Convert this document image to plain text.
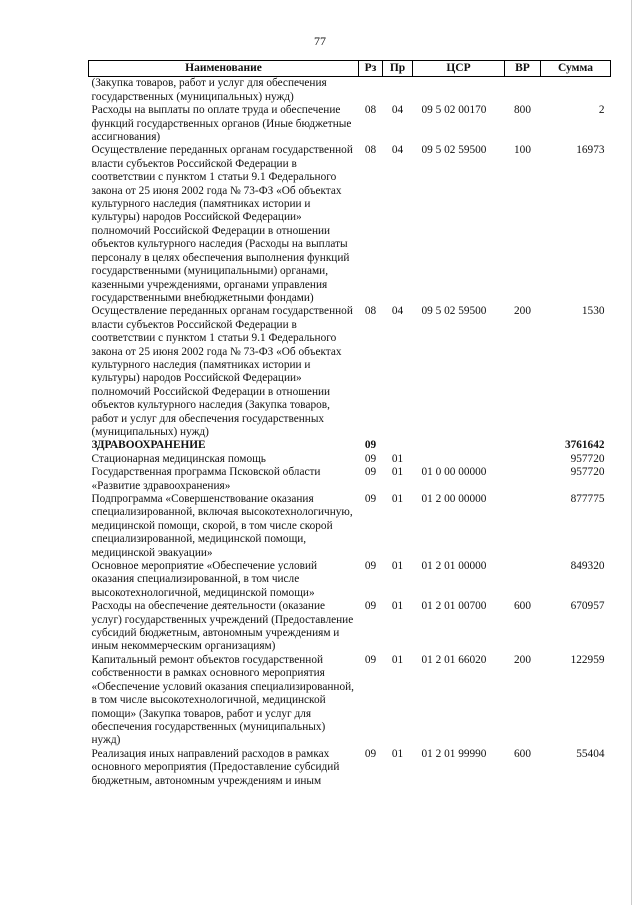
77
Наименование	Рз	Пр	ЦСР	ВР	Сумма
(Закупка товаров, работ и услуг для обеспечения государственных (муниципальных) нужд)					
Расходы на выплаты по оплате труда и обеспечение функций государственных органов (Иные бюджетные ассигнования)	08	04	09 5 02 00170	800	2
Осуществление переданных органам государственной власти субъектов Российской Федерации в соответствии с пунктом 1 статьи 9.1 Федерального закона от 25 июня 2002 года № 73-ФЗ «Об объектах культурного наследия (памятниках истории и культуры) народов Российской Федерации» полномочий Российской Федерации в отношении объектов культурного наследия (Расходы на выплаты персоналу в целях обеспечения выполнения функций государственными (муниципальными) органами, казенными учреждениями, органами управления государственными внебюджетными фондами)	08	04	09 5 02 59500	100	16973
Осуществление переданных органам государственной власти субъектов Российской Федерации в соответствии с пунктом 1 статьи 9.1 Федерального закона от 25 июня 2002 года № 73-ФЗ «Об объектах культурного наследия (памятниках истории и культуры) народов Российской Федерации» полномочий Российской Федерации в отношении объектов культурного наследия (Закупка товаров, работ и услуг для обеспечения государственных (муниципальных) нужд)	08	04	09 5 02 59500	200	1530
ЗДРАВООХРАНЕНИЕ	09				3761642
Стационарная медицинская помощь	09	01			957720
Государственная программа Псковской области «Развитие здравоохранения»	09	01	01 0 00 00000		957720
Подпрограмма «Совершенствование оказания специализированной, включая высокотехнологичную, медицинской помощи, скорой, в том числе скорой специализированной, медицинской помощи, медицинской эвакуации»	09	01	01 2 00 00000		877775
Основное мероприятие «Обеспечение условий оказания специализированной, в том числе высокотехнологичной, медицинской помощи»	09	01	01 2 01 00000		849320
Расходы на обеспечение деятельности (оказание услуг) государственных учреждений (Предоставление субсидий бюджетным, автономным учреждениям и иным некоммерческим организациям)	09	01	01 2 01 00700	600	670957
Капитальный ремонт объектов государственной собственности в рамках основного мероприятия «Обеспечение условий оказания специализированной, в том числе высокотехнологичной, медицинской помощи» (Закупка товаров, работ и услуг для обеспечения государственных (муниципальных) нужд)	09	01	01 2 01 66020	200	122959
Реализация иных направлений расходов в рамках основного мероприятия (Предоставление субсидий бюджетным, автономным учреждениям и иным	09	01	01 2 01 99990	600	55404
